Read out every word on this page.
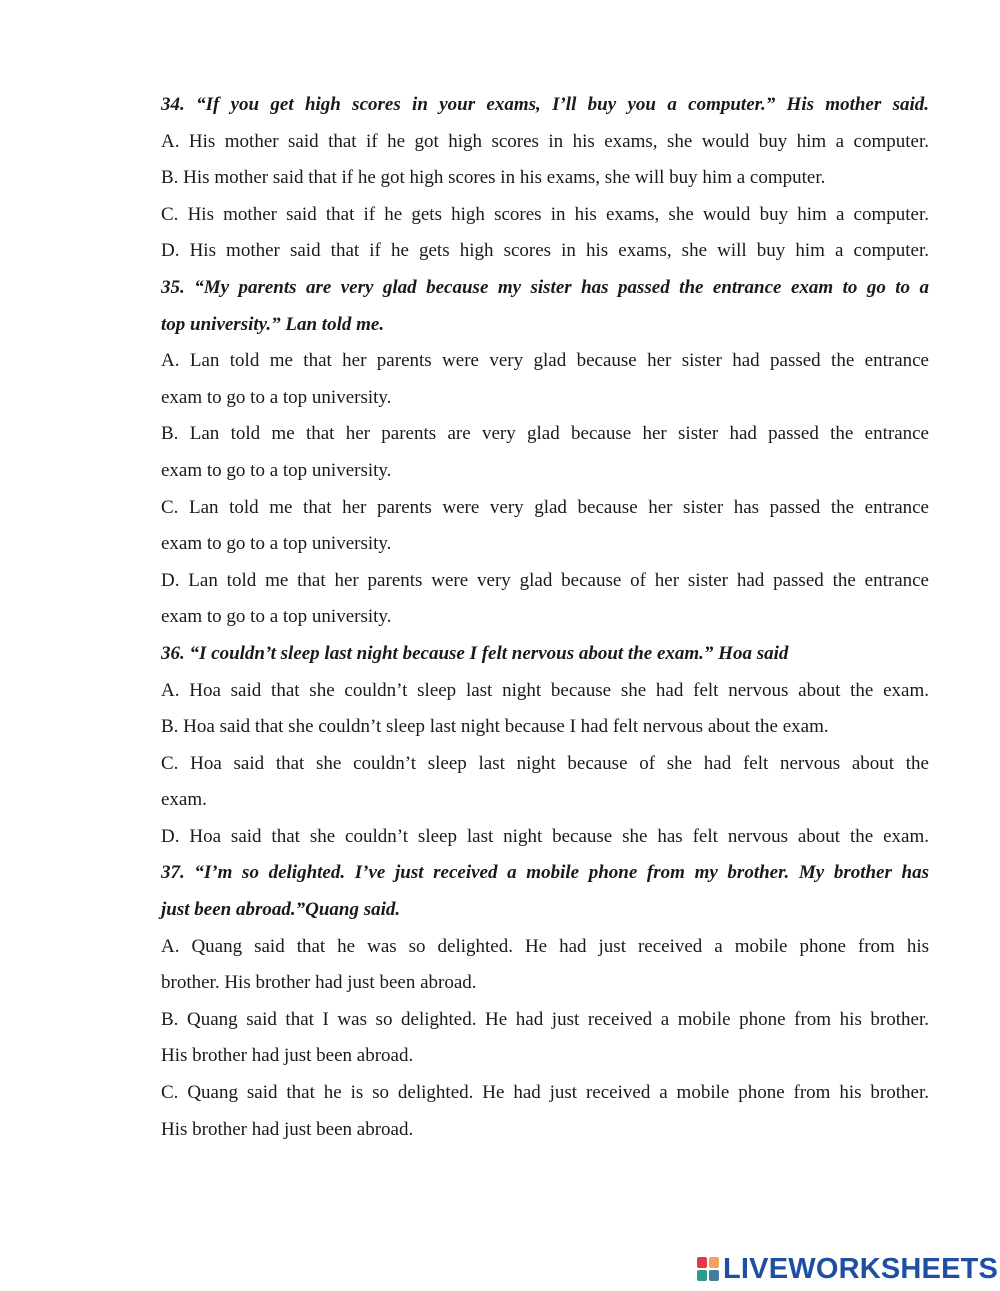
34. “If you get high scores in your exams, I’ll buy you a computer.” His mother said.
A. His mother said that if he got high scores in his exams, she would buy him a computer.
B. His mother said that if he got high scores in his exams, she will buy him a computer.
C. His mother said that if he gets high scores in his exams, she would buy him a computer.
D. His mother said that if he gets high scores in his exams, she will buy him a computer.
35. “My parents are very glad because my sister has passed the entrance exam to go to a
top university.” Lan told me.
A. Lan told me that her parents were very glad because her sister had passed the entrance
exam to go to a top university.
B. Lan told me that her parents are very glad because her sister had passed the entrance
exam to go to a top university.
C. Lan told me that her parents were very glad because her sister has passed the entrance
exam to go to a top university.
D. Lan told me that her parents were very glad because of her sister had passed the entrance
exam to go to a top university.
36. “I couldn’t sleep last night because I felt nervous about the exam.” Hoa said
A. Hoa said that she couldn’t sleep last night because she had felt nervous about the exam.
B. Hoa said that she couldn’t sleep last night because I had felt nervous about the exam.
C. Hoa said that she couldn’t sleep last night because of she had felt nervous about the
exam.
D. Hoa said that she couldn’t sleep last night because she has felt nervous about the exam.
37. “I’m so delighted. I’ve just received a mobile phone from my brother. My brother has
just been abroad.”Quang said.
A. Quang said that he was so delighted. He had just received a mobile phone from his
brother. His brother had just been abroad.
B. Quang said that I was so delighted. He had just received a mobile phone from his brother.
His brother had just been abroad.
C. Quang said that he is so delighted. He had just received a mobile phone from his brother.
His brother had just been abroad.
LIVEWORKSHEETS
